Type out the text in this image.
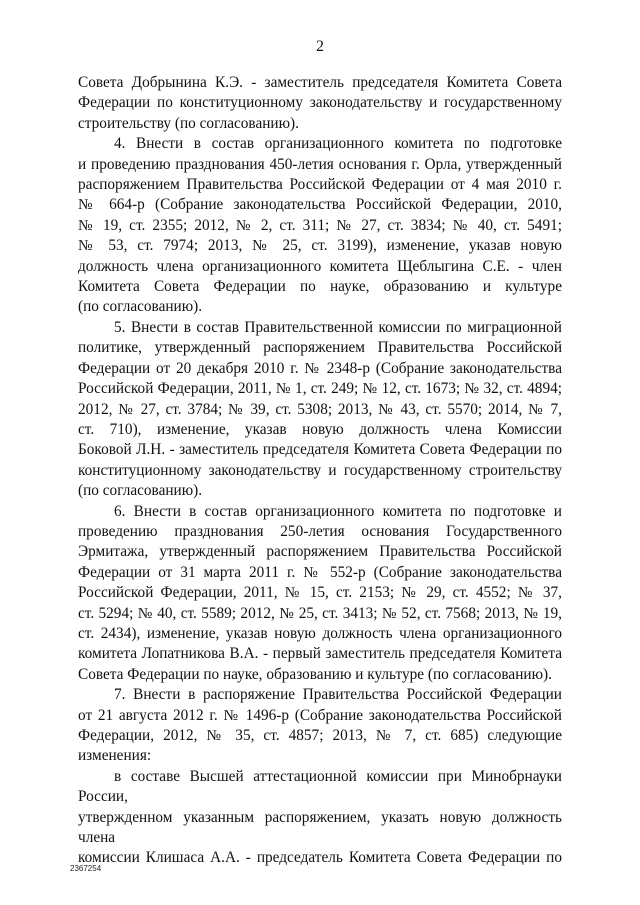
2
Совета Добрынина К.Э. - заместитель председателя Комитета Совета
Федерации по конституционному законодательству и государственному
строительству (по согласованию).
4. Внести в состав организационного комитета по подготовке
и проведению празднования 450-летия основания г. Орла, утвержденный
распоряжением Правительства Российской Федерации от 4 мая 2010 г.
№ 664-р (Собрание законодательства Российской Федерации, 2010,
№ 19, ст. 2355; 2012, № 2, ст. 311; № 27, ст. 3834; № 40, ст. 5491;
№ 53, ст. 7974; 2013, № 25, ст. 3199), изменение, указав новую
должность члена организационного комитета Щеблыгина С.Е. - член
Комитета Совета Федерации по науке, образованию и культуре
(по согласованию).
5. Внести в состав Правительственной комиссии по миграционной
политике, утвержденный распоряжением Правительства Российской
Федерации от 20 декабря 2010 г. № 2348-р (Собрание законодательства
Российской Федерации, 2011, № 1, ст. 249; № 12, ст. 1673; № 32, ст. 4894;
2012, № 27, ст. 3784; № 39, ст. 5308; 2013, № 43, ст. 5570; 2014, № 7,
ст. 710), изменение, указав новую должность члена Комиссии
Боковой Л.Н. - заместитель председателя Комитета Совета Федерации по
конституционному законодательству и государственному строительству
(по согласованию).
6. Внести в состав организационного комитета по подготовке и
проведению празднования 250-летия основания Государственного
Эрмитажа, утвержденный распоряжением Правительства Российской
Федерации от 31 марта 2011 г. № 552-р (Собрание законодательства
Российской Федерации, 2011, № 15, ст. 2153; № 29, ст. 4552; № 37,
ст. 5294; № 40, ст. 5589; 2012, № 25, ст. 3413; № 52, ст. 7568; 2013, № 19,
ст. 2434), изменение, указав новую должность члена организационного
комитета Лопатникова В.А. - первый заместитель председателя Комитета
Совета Федерации по науке, образованию и культуре (по согласованию).
7. Внести в распоряжение Правительства Российской Федерации
от 21 августа 2012 г. № 1496-р (Собрание законодательства Российской
Федерации, 2012, № 35, ст. 4857; 2013, № 7, ст. 685) следующие
изменения:
в составе Высшей аттестационной комиссии при Минобрнауки России,
утвержденном указанным распоряжением, указать новую должность члена
комиссии Клишаса А.А. - председатель Комитета Совета Федерации по
2367254
